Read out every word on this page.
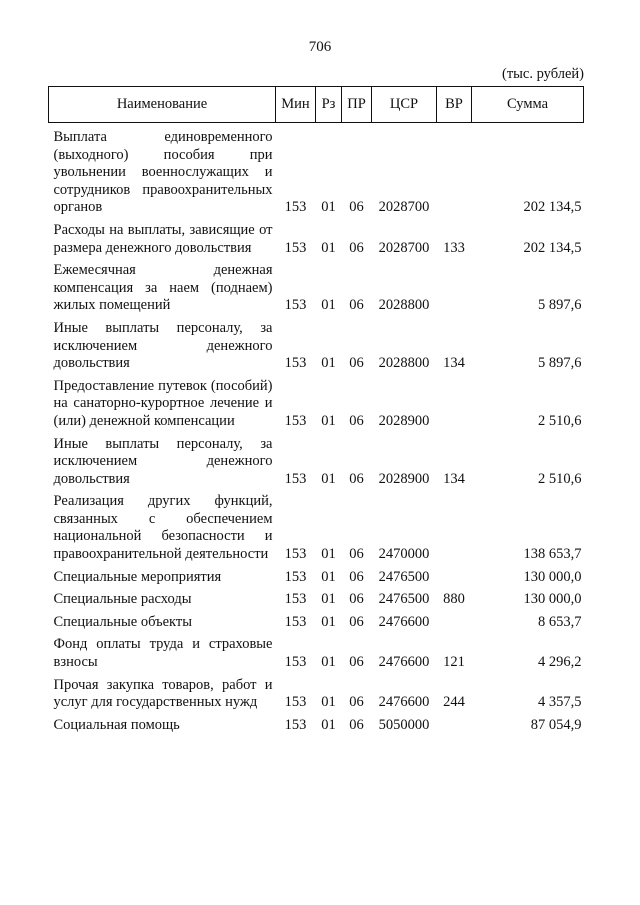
706
(тыс. рублей)
Наименование	Мин	Рз	ПР	ЦСР	ВР	Сумма
Выплата единовременного (выходного) пособия при увольнении военнослужащих и сотрудников правоохранительных органов	153	01	06	2028700		202 134,5
Расходы на выплаты, зависящие от размера денежного довольствия	153	01	06	2028700	133	202 134,5
Ежемесячная денежная компенсация за наем (поднаем) жилых помещений	153	01	06	2028800		5 897,6
Иные выплаты персоналу, за исключением денежного довольствия	153	01	06	2028800	134	5 897,6
Предоставление путевок (пособий) на санаторно-курортное лечение и (или) денежной компенсации	153	01	06	2028900		2 510,6
Иные выплаты персоналу, за исключением денежного довольствия	153	01	06	2028900	134	2 510,6
Реализация других функций, связанных с обеспечением национальной безопасности и правоохранительной деятельности	153	01	06	2470000		138 653,7
Специальные мероприятия	153	01	06	2476500		130 000,0
Специальные расходы	153	01	06	2476500	880	130 000,0
Специальные объекты	153	01	06	2476600		8 653,7
Фонд оплаты труда и страховые взносы	153	01	06	2476600	121	4 296,2
Прочая закупка товаров, работ и услуг для государственных нужд	153	01	06	2476600	244	4 357,5
Социальная помощь	153	01	06	5050000		87 054,9
